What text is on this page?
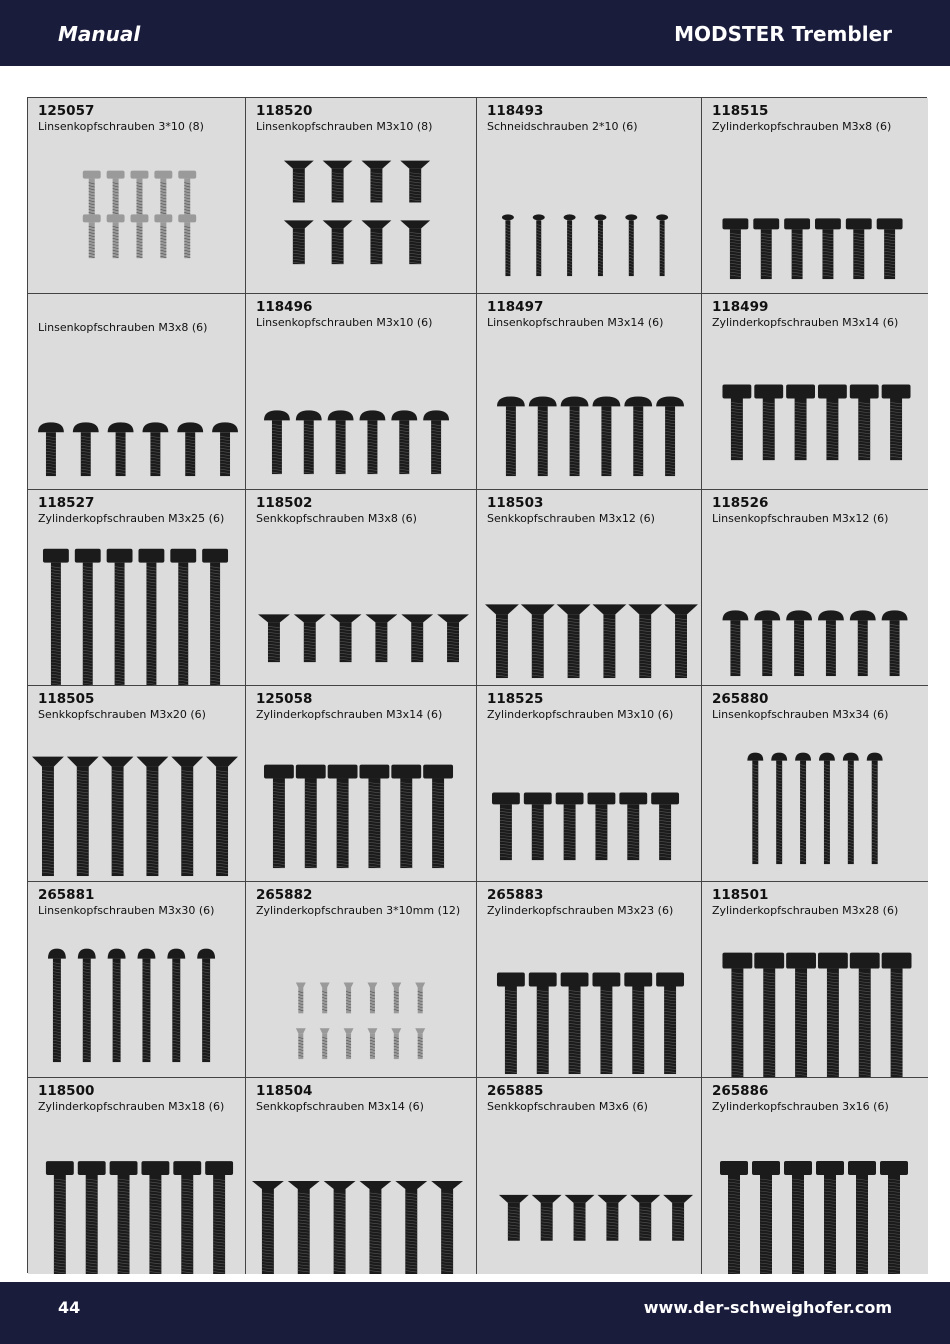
Manual	MODSTER Trembler
125057
Linsenkopfschrauben 3*10 (8)
118520
Linsenkopfschrauben M3x10 (8)
118493
Schneidschrauben 2*10 (6)
118515
Zylinderkopfschrauben M3x8 (6)
Linsenkopfschrauben M3x8 (6)
118496
Linsenkopfschrauben M3x10 (6)
118497
Linsenkopfschrauben M3x14 (6)
118499
Zylinderkopfschrauben M3x14 (6)
118527
Zylinderkopfschrauben M3x25 (6)
118502
Senkkopfschrauben M3x8 (6)
118503
Senkkopfschrauben M3x12 (6)
118526
Linsenkopfschrauben M3x12 (6)
118505
Senkkopfschrauben M3x20 (6)
125058
Zylinderkopfschrauben M3x14 (6)
118525
Zylinderkopfschrauben M3x10 (6)
265880
Linsenkopfschrauben M3x34 (6)
265881
Linsenkopfschrauben M3x30 (6)
265882
Zylinderkopfschrauben 3*10mm (12)
265883
Zylinderkopfschrauben M3x23 (6)
118501
Zylinderkopfschrauben M3x28 (6)
118500
Zylinderkopfschrauben M3x18 (6)
118504
Senkkopfschrauben M3x14 (6)
265885
Senkkopfschrauben M3x6 (6)
265886
Zylinderkopfschrauben 3x16 (6)
44	www.der-schweighofer.com
